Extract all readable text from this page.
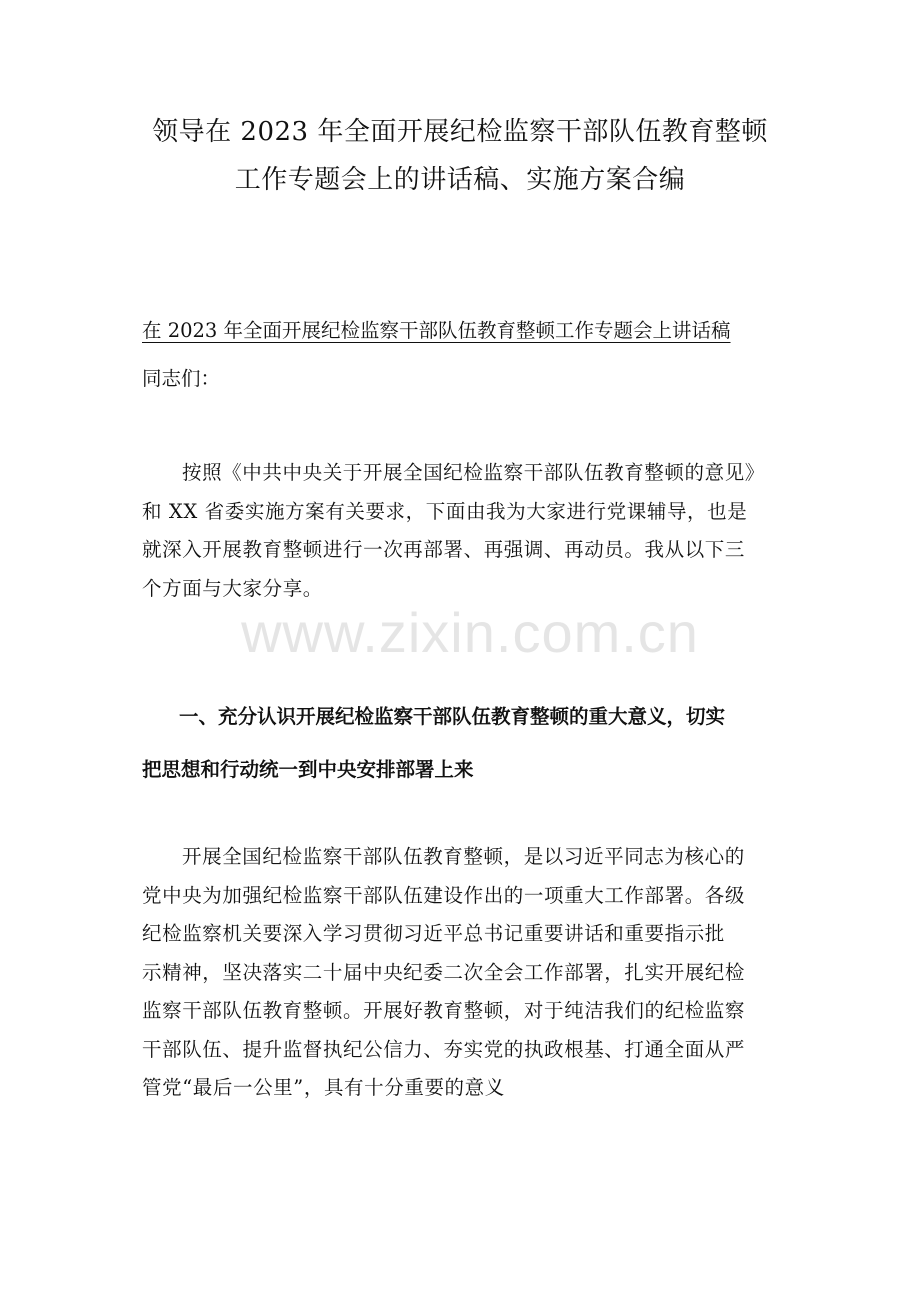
领导在 2023 年全面开展纪检监察干部队伍教育整顿
工作专题会上的讲话稿、实施方案合编

在 2023 年全面开展纪检监察干部队伍教育整顿工作专题会上讲话稿

同志们：

按照《中共中央关于开展全国纪检监察干部队伍教育整顿的意见》
和 XX 省委实施方案有关要求，下面由我为大家进行党课辅导，也是
就深入开展教育整顿进行一次再部署、再强调、再动员。我从以下三
个方面与大家分享。
一、充分认识开展纪检监察干部队伍教育整顿的重大意义，切实
把思想和行动统一到中央安排部署上来
开展全国纪检监察干部队伍教育整顿，是以习近平同志为核心的
党中央为加强纪检监察干部队伍建设作出的一项重大工作部署。各级
纪检监察机关要深入学习贯彻习近平总书记重要讲话和重要指示批
示精神，坚决落实二十届中央纪委二次全会工作部署，扎实开展纪检
监察干部队伍教育整顿。开展好教育整顿，对于纯洁我们的纪检监察
干部队伍、提升监督执纪公信力、夯实党的执政根基、打通全面从严
管党“最后一公里”，具有十分重要的意义
www.zixin.com.cn
